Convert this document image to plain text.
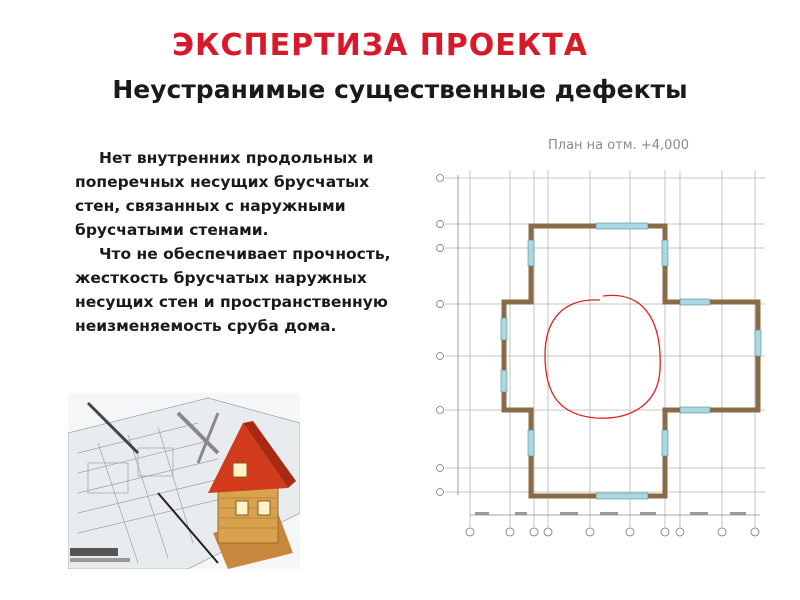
ЭКСПЕРТИЗА ПРОЕКТА
Неустранимые существенные дефекты

Нет внутренних продольных и поперечных несущих брусчатых стен, связанных с наружными брусчатыми стенами.

Что не обеспечивает прочность, жесткость брусчатых наружных несущих стен и пространственную неизменяемость сруба дома.

План на отм. +4,000
